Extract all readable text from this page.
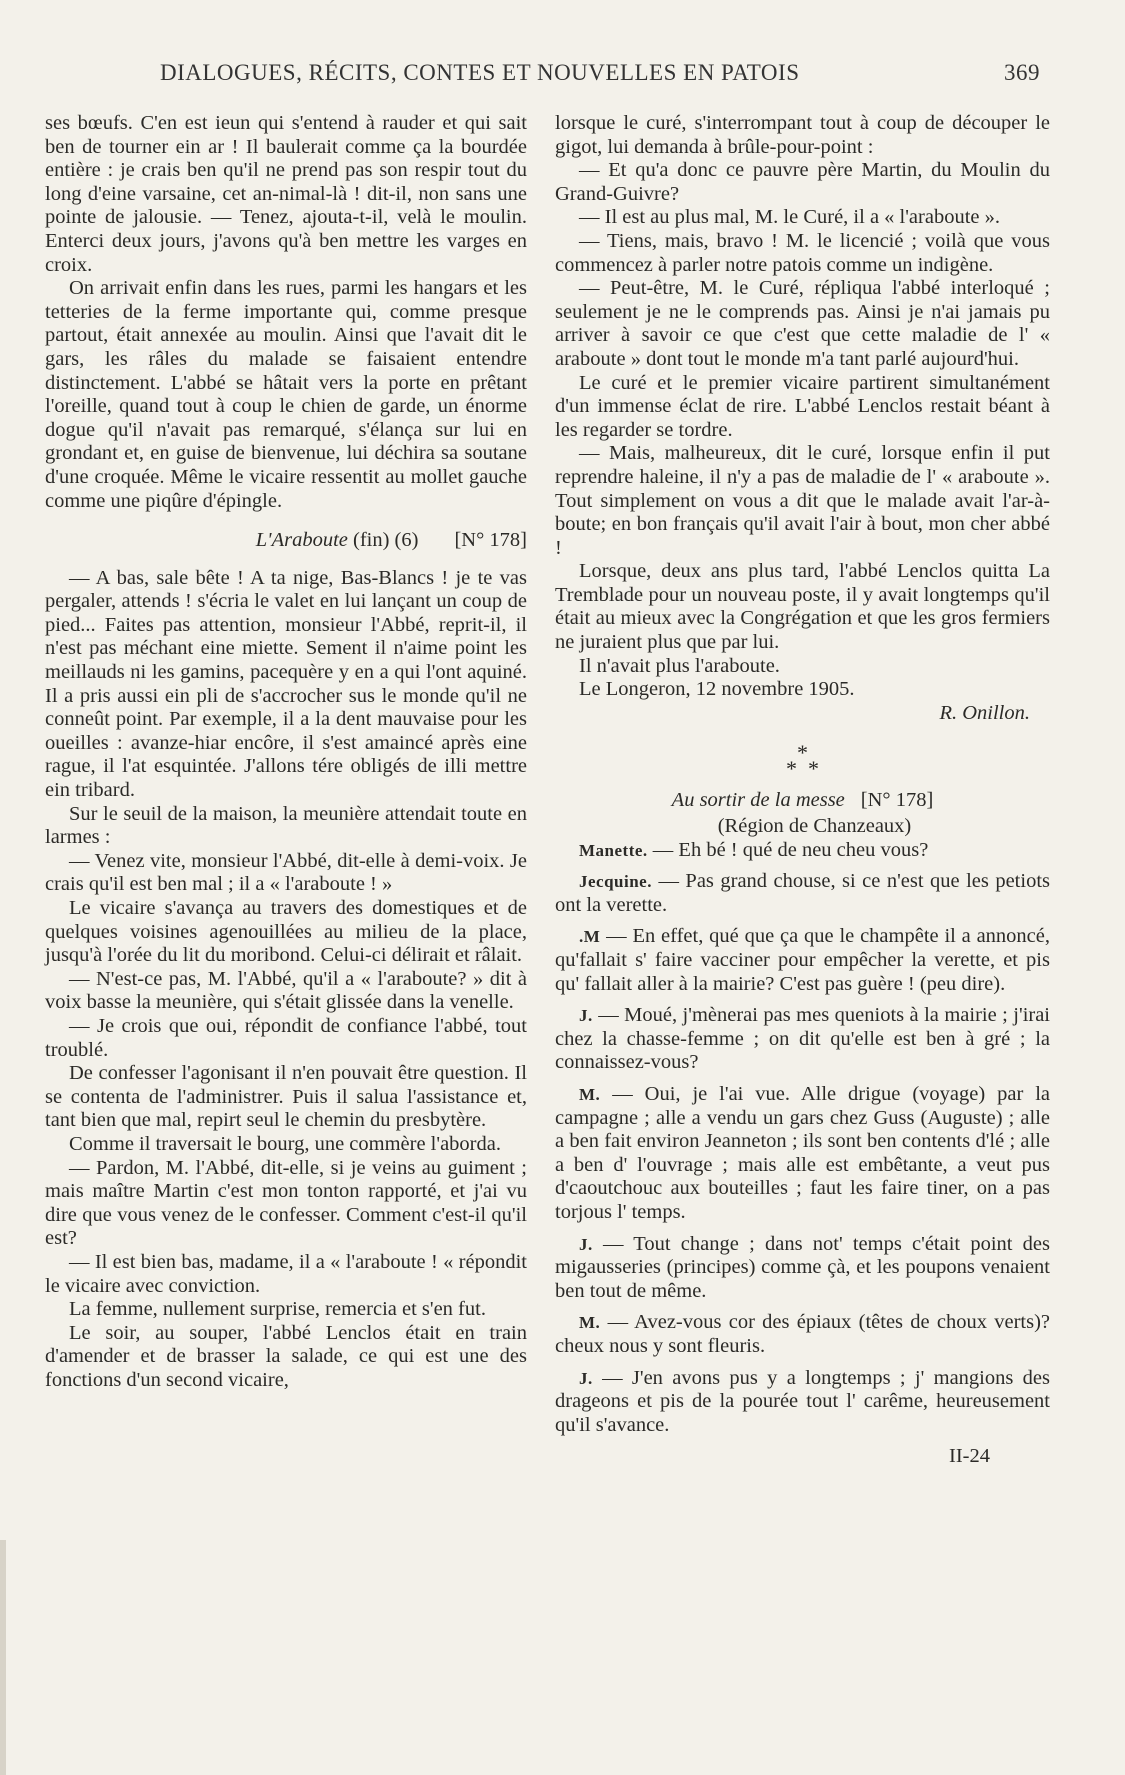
DIALOGUES, RÉCITS, CONTES ET NOUVELLES EN PATOIS	369

ses bœufs. C'en est ieun qui s'entend à rauder et qui sait ben de tourner ein ar ! Il baulerait comme ça la bourdée entière : je crais ben qu'il ne prend pas son respir tout du long d'eine varsaine, cet an-nimal-là ! dit-il, non sans une pointe de jalousie. — Tenez, ajouta-t-il, velà le moulin. Enterci deux jours, j'avons qu'à ben mettre les varges en croix.

On arrivait enfin dans les rues, parmi les hangars et les tetteries de la ferme importante qui, comme presque partout, était annexée au moulin. Ainsi que l'avait dit le gars, les râles du malade se faisaient entendre distinctement. L'abbé se hâtait vers la porte en prêtant l'oreille, quand tout à coup le chien de garde, un énorme dogue qu'il n'avait pas remarqué, s'élança sur lui en grondant et, en guise de bienvenue, lui déchira sa soutane d'une croquée. Même le vicaire ressentit au mollet gauche comme une piqûre d'épingle.

L'Araboute (fin) (6) [N° 178]

— A bas, sale bête ! A ta nige, Bas-Blancs ! je te vas pergaler, attends ! s'écria le valet en lui lançant un coup de pied... Faites pas attention, monsieur l'Abbé, reprit-il, il n'est pas méchant eine miette. Sement il n'aime point les meillauds ni les gamins, pacequère y en a qui l'ont aquiné. Il a pris aussi ein pli de s'accrocher sus le monde qu'il ne conneût point. Par exemple, il a la dent mauvaise pour les oueilles : avanze-hiar encôre, il s'est amaincé après eine rague, il l'at esquintée. J'allons tére obligés de illi mettre ein tribard.

Sur le seuil de la maison, la meunière attendait toute en larmes :

— Venez vite, monsieur l'Abbé, dit-elle à demi-voix. Je crais qu'il est ben mal ; il a « l'araboute ! »

Le vicaire s'avança au travers des domestiques et de quelques voisines agenouillées au milieu de la place, jusqu'à l'orée du lit du moribond. Celui-ci délirait et râlait.

— N'est-ce pas, M. l'Abbé, qu'il a « l'araboute? » dit à voix basse la meunière, qui s'était glissée dans la venelle.

— Je crois que oui, répondit de confiance l'abbé, tout troublé.

De confesser l'agonisant il n'en pouvait être question. Il se contenta de l'administrer. Puis il salua l'assistance et, tant bien que mal, repirt seul le chemin du presbytère.

Comme il traversait le bourg, une commère l'aborda.

— Pardon, M. l'Abbé, dit-elle, si je veins au guiment ; mais maître Martin c'est mon tonton rapporté, et j'ai vu dire que vous venez de le confesser. Comment c'est-il qu'il est?

— Il est bien bas, madame, il a « l'araboute ! « répondit le vicaire avec conviction.

La femme, nullement surprise, remercia et s'en fut.

Le soir, au souper, l'abbé Lenclos était en train d'amender et de brasser la salade, ce qui est une des fonctions d'un second vicaire,

lorsque le curé, s'interrompant tout à coup de découper le gigot, lui demanda à brûle-pour-point :

— Et qu'a donc ce pauvre père Martin, du Moulin du Grand-Guivre?

— Il est au plus mal, M. le Curé, il a « l'araboute ».

— Tiens, mais, bravo ! M. le licencié ; voilà que vous commencez à parler notre patois comme un indigène.

— Peut-être, M. le Curé, répliqua l'abbé interloqué ; seulement je ne le comprends pas. Ainsi je n'ai jamais pu arriver à savoir ce que c'est que cette maladie de l' « araboute » dont tout le monde m'a tant parlé aujourd'hui.

Le curé et le premier vicaire partirent simultanément d'un immense éclat de rire. L'abbé Lenclos restait béant à les regarder se tordre.

— Mais, malheureux, dit le curé, lorsque enfin il put reprendre haleine, il n'y a pas de maladie de l' « araboute ». Tout simplement on vous a dit que le malade avait l'ar-à-boute; en bon français qu'il avait l'air à bout, mon cher abbé !

Lorsque, deux ans plus tard, l'abbé Lenclos quitta La Tremblade pour un nouveau poste, il y avait longtemps qu'il était au mieux avec la Congrégation et que les gros fermiers ne juraient plus que par lui.

Il n'avait plus l'araboute.

Le Longeron, 12 novembre 1905.

R. Onillon.

*
* *
Au sortir de la messe [N° 178]

(Région de Chanzeaux)

Manette. — Eh bé ! qué de neu cheu vous?

Jecquine. — Pas grand chouse, si ce n'est que les petiots ont la verette.

.M — En effet, qué que ça que le champête il a annoncé, qu'fallait s' faire vacciner pour empêcher la verette, et pis qu' fallait aller à la mairie? C'est pas guère ! (peu dire).

J. — Moué, j'mènerai pas mes queniots à la mairie ; j'irai chez la chasse-femme ; on dit qu'elle est ben à gré ; la connaissez-vous?

M. — Oui, je l'ai vue. Alle drigue (voyage) par la campagne ; alle a vendu un gars chez Guss (Auguste) ; alle a ben fait environ Jeanneton ; ils sont ben contents d'lé ; alle a ben d' l'ouvrage ; mais alle est embêtante, a veut pus d'caoutchouc aux bouteilles ; faut les faire tiner, on a pas torjous l' temps.

J. — Tout change ; dans not' temps c'était point des migausseries (principes) comme çà, et les poupons venaient ben tout de même.

M. — Avez-vous cor des épiaux (têtes de choux verts)? cheux nous y sont fleuris.

J. — J'en avons pus y a longtemps ; j' mangions des drageons et pis de la pourée tout l' carême, heureusement qu'il s'avance.

II-24
